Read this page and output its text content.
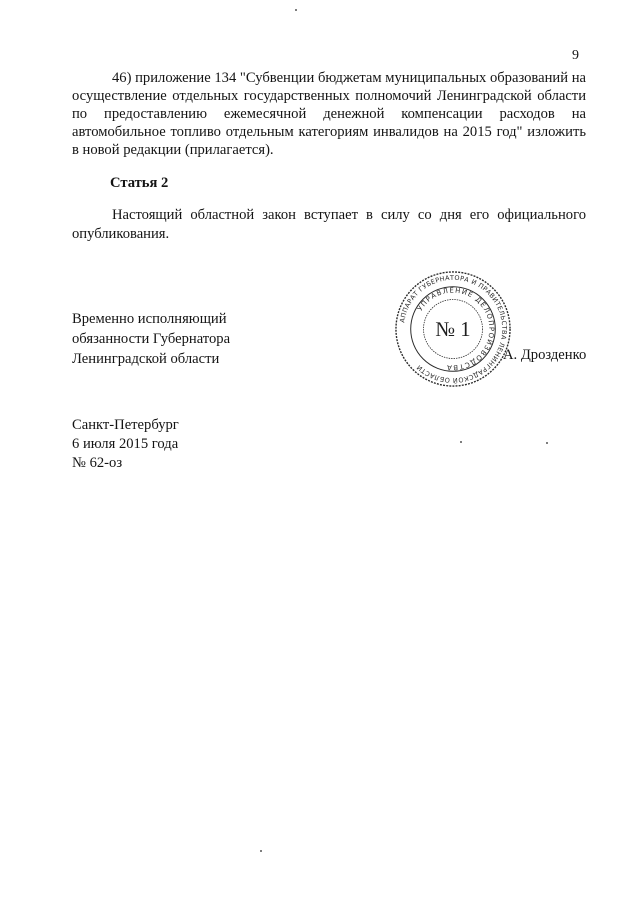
9

46) приложение 134 "Субвенции бюджетам муниципальных образований на осуществление отдельных государственных полномочий Ленинградской области по предоставлению ежемесячной денежной компенсации расходов на автомобильное топливо отдельным категориям инвалидов на 2015 год" изложить в новой редакции (прилагается).

Статья 2

Настоящий областной закон вступает в силу со дня его официального опубликования.

Временно исполняющий
обязанности Губернатора
Ленинградской области	А. Дрозденко
АППАРАТ ГУБЕРНАТОРА И ПРАВИТЕЛЬСТВА ЛЕНИНГРАДСКОЙ ОБЛАСТИ
УПРАВЛЕНИЕ ДЕЛОПРОИЗВОДСТВА
№ 1
Санкт-Петербург
6 июля 2015 года
№ 62-оз
